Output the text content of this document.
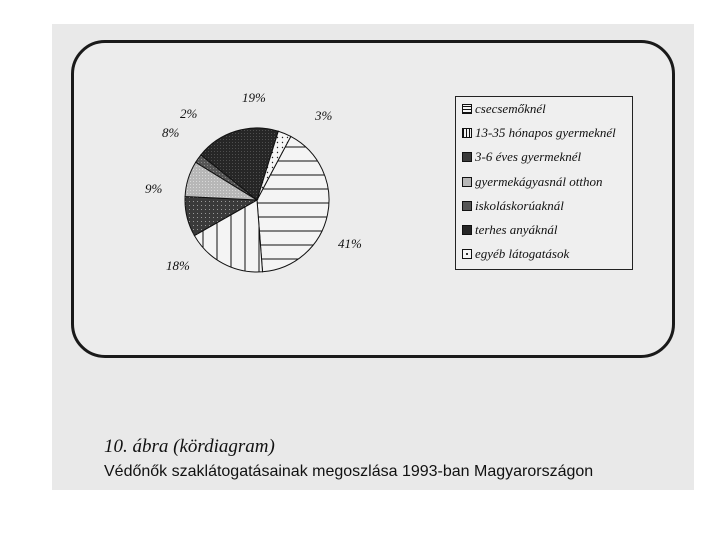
41%
18%
9%
8%
2%
19%
3%	csecsemőknél
13-35 hónapos gyermeknél
3-6 éves gyermeknél
gyermekágyasnál otthon
iskoláskorúaknál
terhes anyáknál
egyéb látogatások
10. ábra (kördiagram)
Védőnők szaklátogatásainak megoszlása 1993-ban Magyarországon
